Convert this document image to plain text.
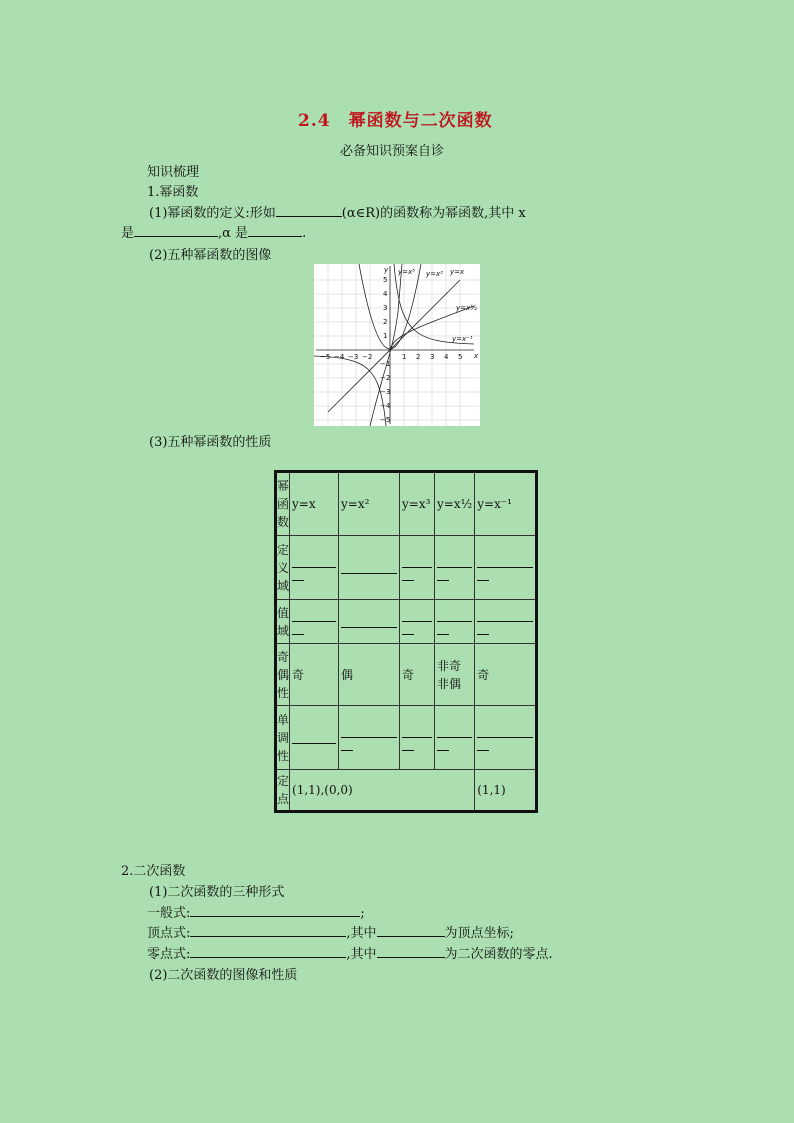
2.4　幂函数与二次函数
必备知识预案自诊
知识梳理
1.幂函数
(1)幂函数的定义:形如	(α∈R)的函数称为幂函数,其中 x
是	,α 是	.
(2)五种幂函数的图像
y=x³ y=x² y=x
y=x½
y=x⁻¹
x
y
−5 −4 −3 −2	1 2 3 4 5
5
4
3
2
1
−1
−2
−3
−4
−5
(3)五种幂函数的性质
幂函数	y=x	y=x²	y=x³	y=x½	y=x⁻¹
定义域	

值域	

奇偶性	奇	偶	奇	非奇非偶	奇
单调性	

定点	(1,1),(0,0)				(1,1)
2.二次函数
(1)二次函数的三种形式
一般式:	;
顶点式:	,其中	为顶点坐标;
零点式:	,其中	为二次函数的零点.
(2)二次函数的图像和性质
